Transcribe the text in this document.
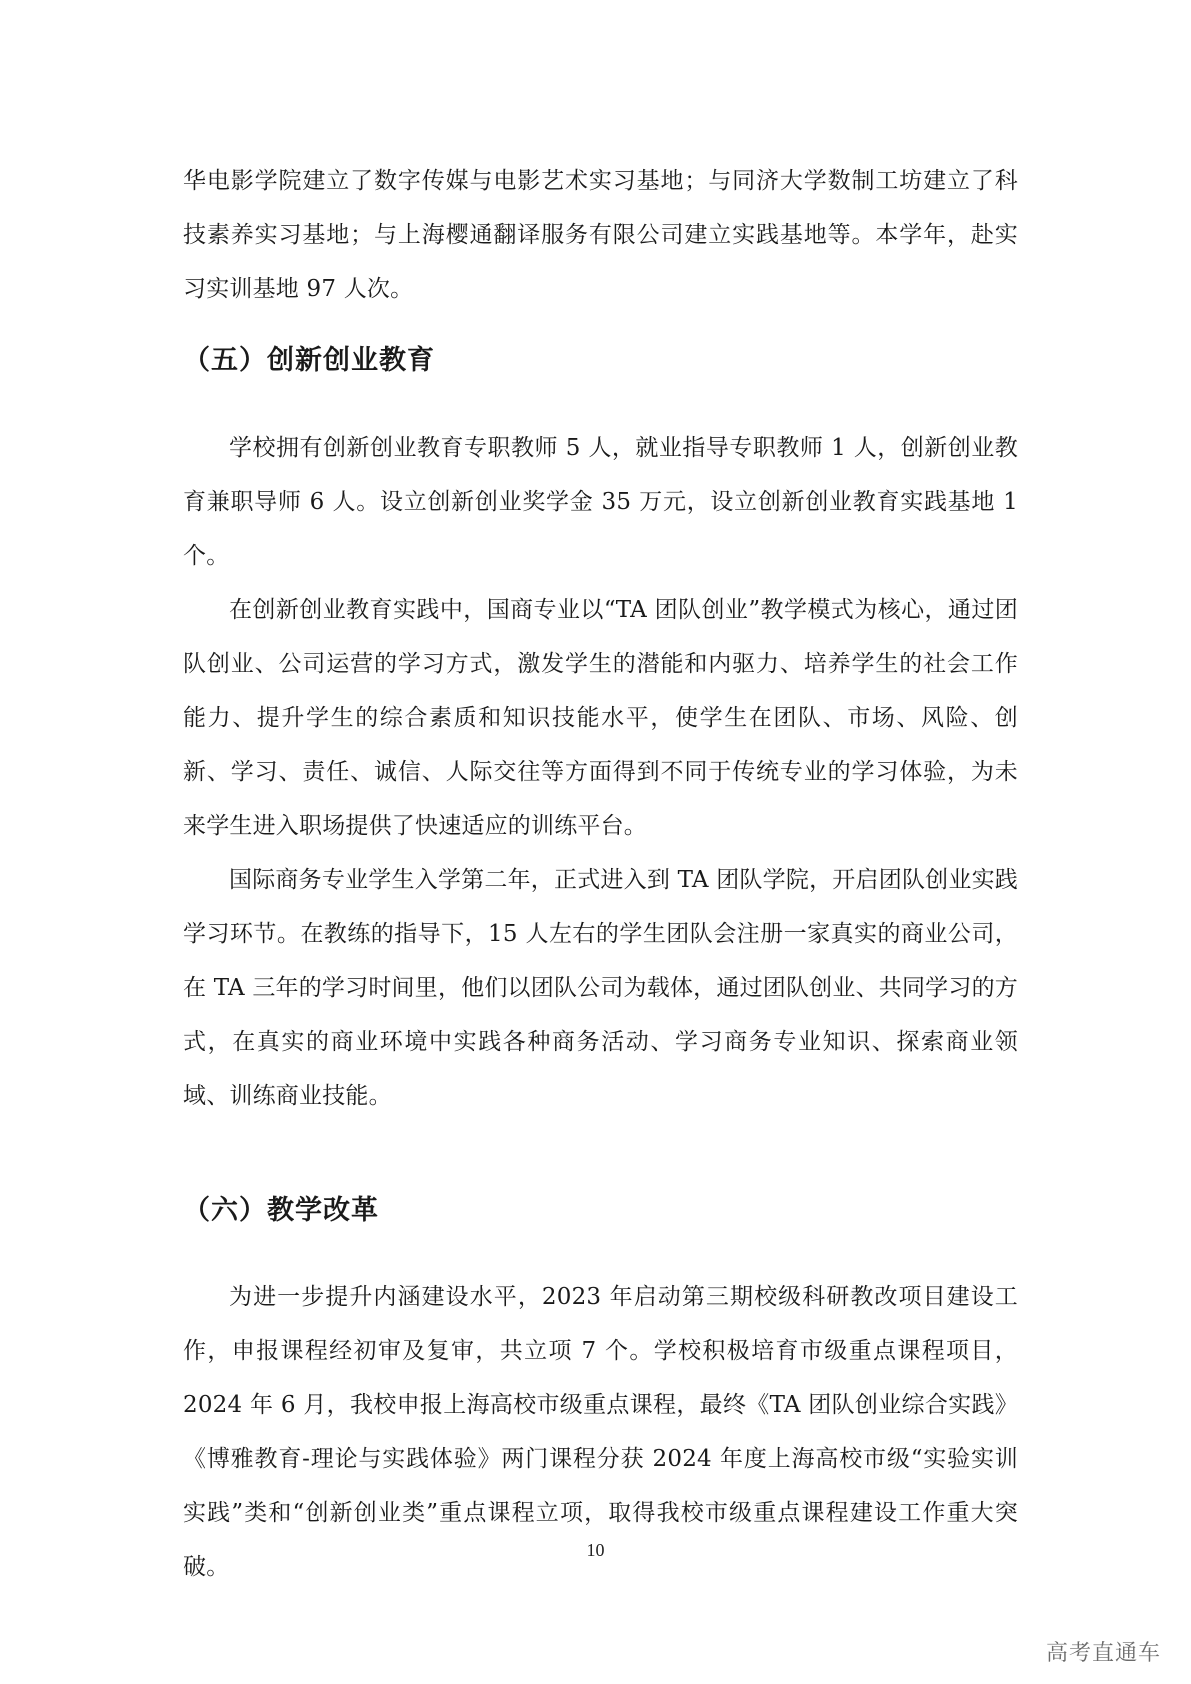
华电影学院建立了数字传媒与电影艺术实习基地；与同济大学数制工坊建立了科技素养实习基地；与上海樱通翻译服务有限公司建立实践基地等。本学年，赴实习实训基地 97 人次。

（五）创新创业教育

学校拥有创新创业教育专职教师 5 人，就业指导专职教师 1 人，创新创业教育兼职导师 6 人。设立创新创业奖学金 35 万元，设立创新创业教育实践基地 1 个。

在创新创业教育实践中，国商专业以“TA 团队创业”教学模式为核心，通过团队创业、公司运营的学习方式，激发学生的潜能和内驱力、培养学生的社会工作能力、提升学生的综合素质和知识技能水平，使学生在团队、市场、风险、创新、学习、责任、诚信、人际交往等方面得到不同于传统专业的学习体验，为未来学生进入职场提供了快速适应的训练平台。

国际商务专业学生入学第二年，正式进入到 TA 团队学院，开启团队创业实践学习环节。在教练的指导下，15 人左右的学生团队会注册一家真实的商业公司，在 TA 三年的学习时间里，他们以团队公司为载体，通过团队创业、共同学习的方式，在真实的商业环境中实践各种商务活动、学习商务专业知识、探索商业领域、训练商业技能。

（六）教学改革

为进一步提升内涵建设水平，2023 年启动第三期校级科研教改项目建设工作，申报课程经初审及复审，共立项 7 个。学校积极培育市级重点课程项目，2024 年 6 月，我校申报上海高校市级重点课程，最终《TA 团队创业综合实践》《博雅教育-理论与实践体验》两门课程分获 2024 年度上海高校市级“实验实训实践”类和“创新创业类”重点课程立项，取得我校市级重点课程建设工作重大突破。

10
高考直通车
